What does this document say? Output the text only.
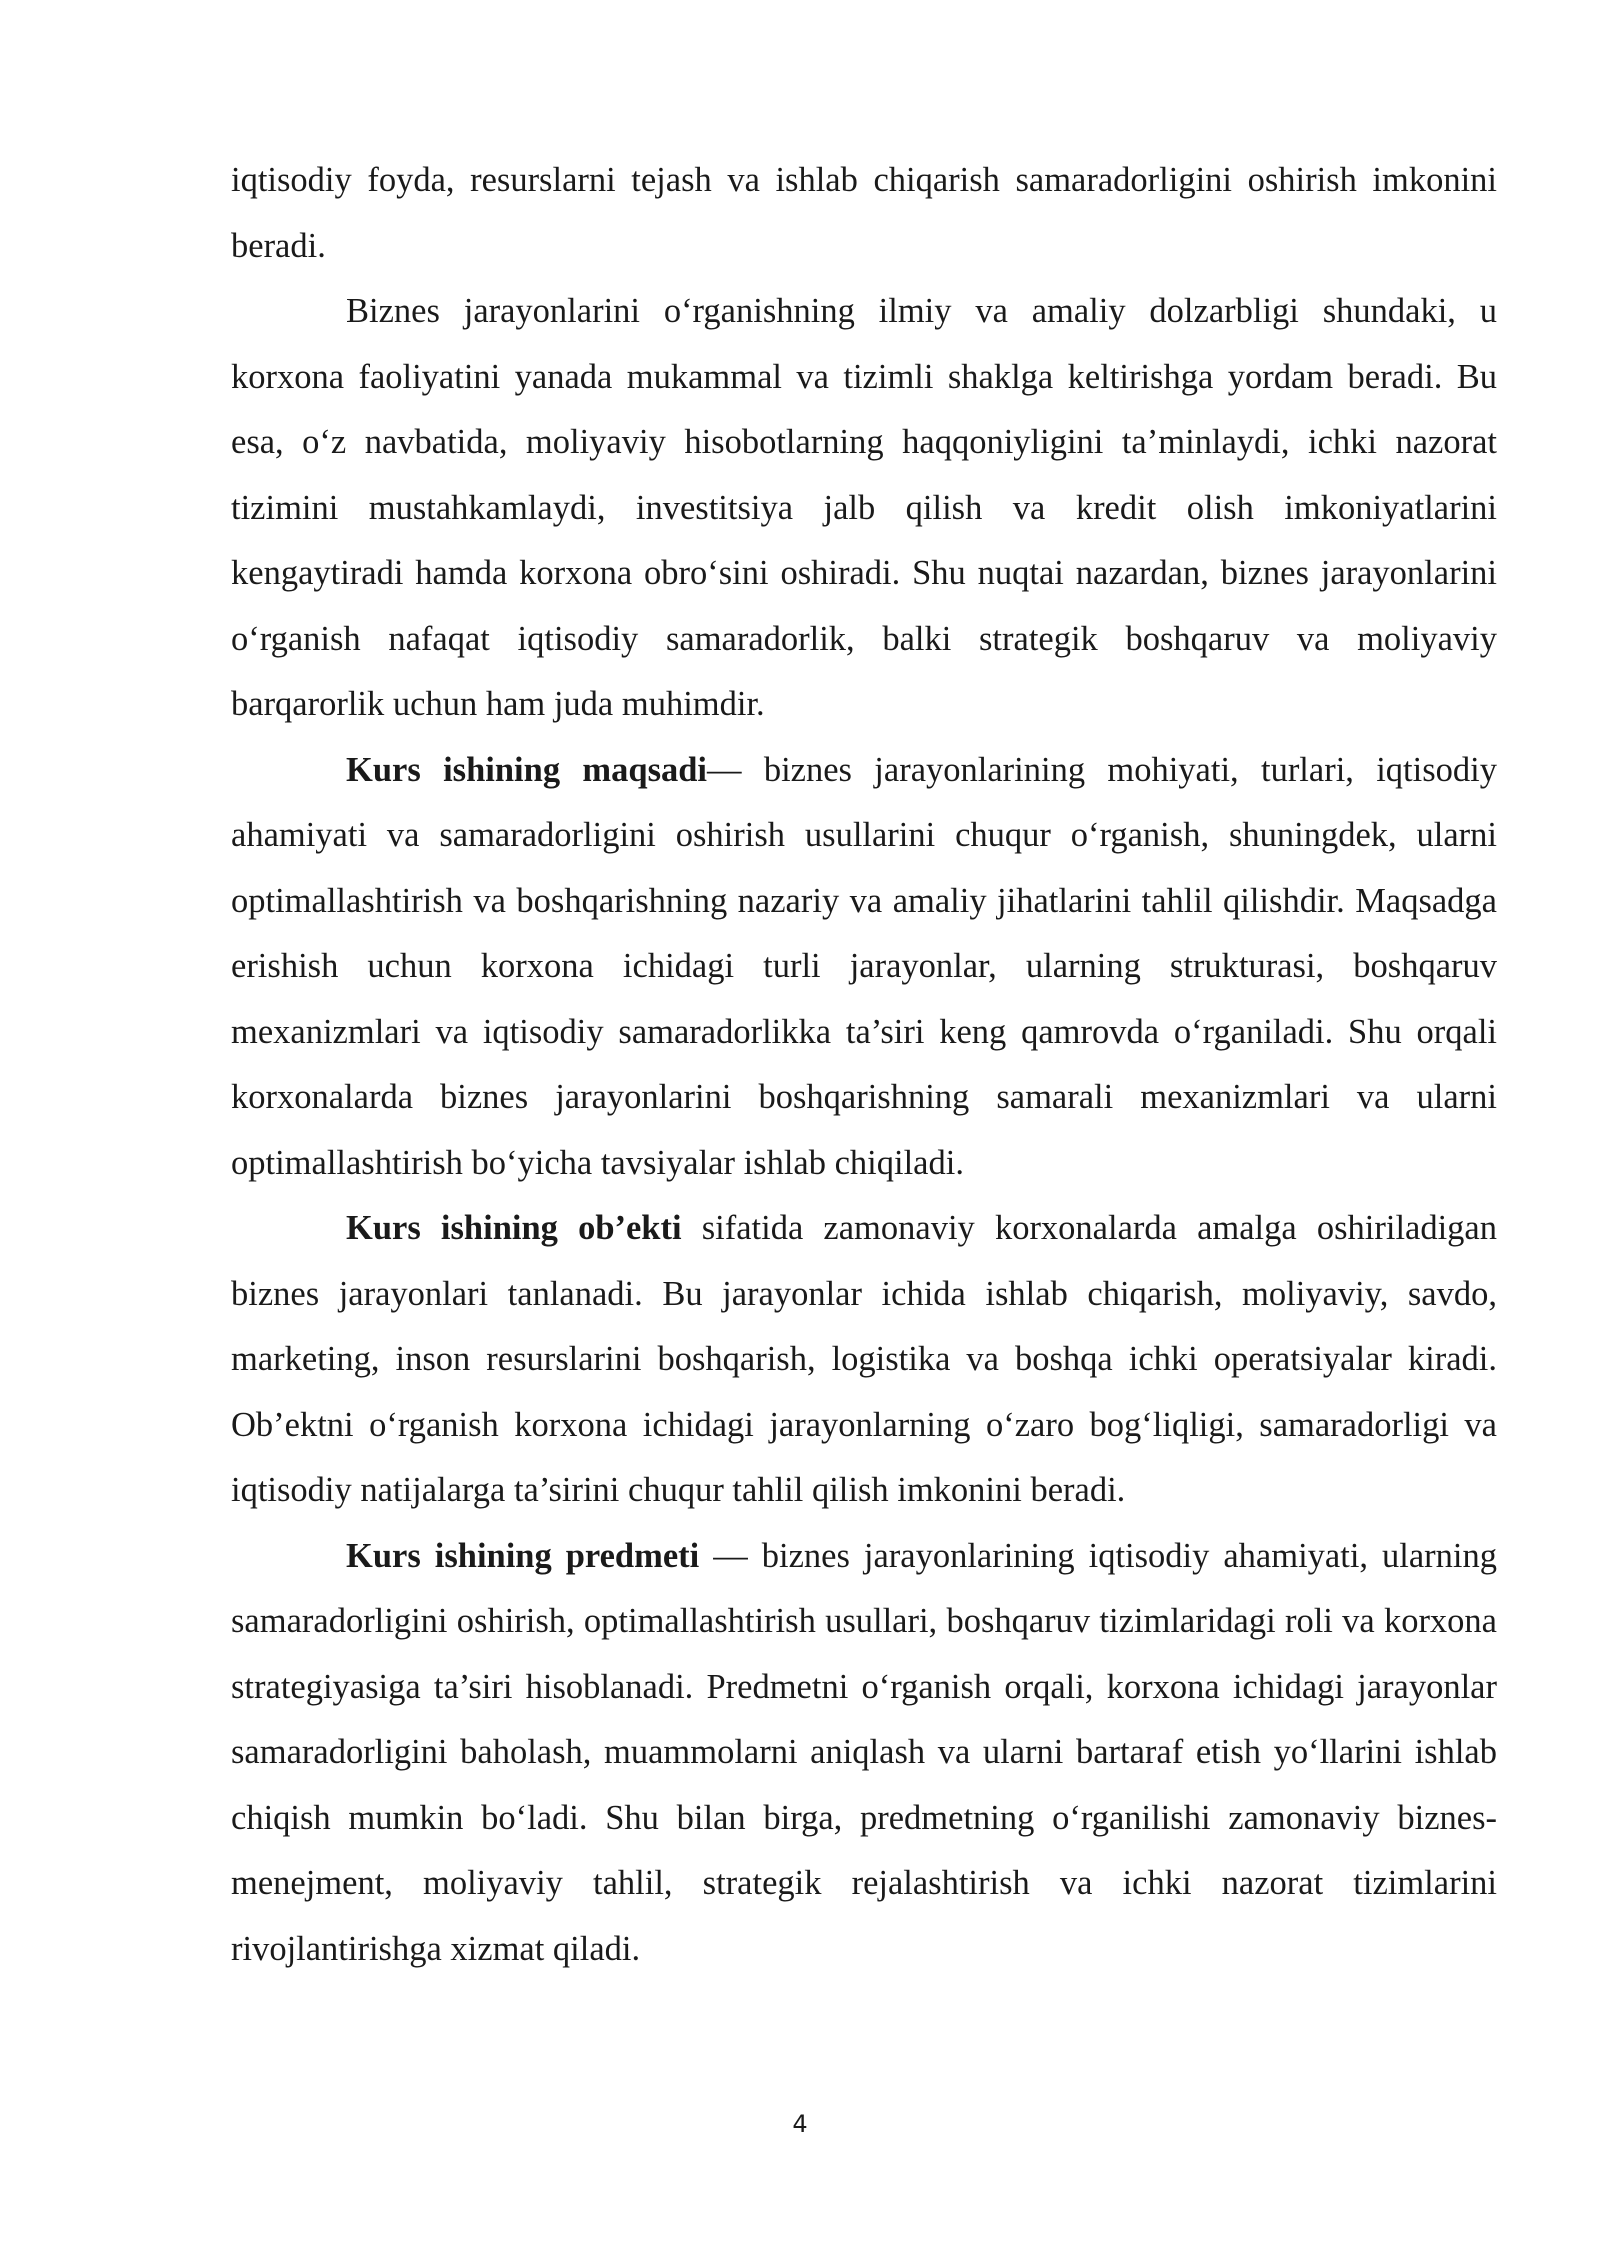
iqtisodiy foyda, resurslarni tejash va ishlab chiqarish samaradorligini oshirish imkonini beradi.

Biznes jarayonlarini o‘rganishning ilmiy va amaliy dolzarbligi shundaki, u korxona faoliyatini yanada mukammal va tizimli shaklga keltirishga yordam beradi. Bu esa, o‘z navbatida, moliyaviy hisobotlarning haqqoniyligini ta’minlaydi, ichki nazorat tizimini mustahkamlaydi, investitsiya jalb qilish va kredit olish imkoniyatlarini kengaytiradi hamda korxona obro‘sini oshiradi. Shu nuqtai nazardan, biznes jarayonlarini o‘rganish nafaqat iqtisodiy samaradorlik, balki strategik boshqaruv va moliyaviy barqarorlik uchun ham juda muhimdir.

Kurs ishining maqsadi— biznes jarayonlarining mohiyati, turlari, iqtisodiy ahamiyati va samaradorligini oshirish usullarini chuqur o‘rganish, shuningdek, ularni optimallashtirish va boshqarishning nazariy va amaliy jihatlarini tahlil qilishdir. Maqsadga erishish uchun korxona ichidagi turli jarayonlar, ularning strukturasi, boshqaruv mexanizmlari va iqtisodiy samaradorlikka ta’siri keng qamrovda o‘rganiladi. Shu orqali korxonalarda biznes jarayonlarini boshqarishning samarali mexanizmlari va ularni optimallashtirish bo‘yicha tavsiyalar ishlab chiqiladi.

Kurs ishining ob’ekti sifatida zamonaviy korxonalarda amalga oshiriladigan biznes jarayonlari tanlanadi. Bu jarayonlar ichida ishlab chiqarish, moliyaviy, savdo, marketing, inson resurslarini boshqarish, logistika va boshqa ichki operatsiyalar kiradi. Ob’ektni o‘rganish korxona ichidagi jarayonlarning o‘zaro bog‘liqligi, samaradorligi va iqtisodiy natijalarga ta’sirini chuqur tahlil qilish imkonini beradi.

Kurs ishining predmeti — biznes jarayonlarining iqtisodiy ahamiyati, ularning samaradorligini oshirish, optimallashtirish usullari, boshqaruv tizimlaridagi roli va korxona strategiyasiga ta’siri hisoblanadi. Predmetni o‘rganish orqali, korxona ichidagi jarayonlar samaradorligini baholash, muammolarni aniqlash va ularni bartaraf etish yo‘llarini ishlab chiqish mumkin bo‘ladi. Shu bilan birga, predmetning o‘rganilishi zamonaviy biznes-menejment, moliyaviy tahlil, strategik rejalashtirish va ichki nazorat tizimlarini rivojlantirishga xizmat qiladi.

4
